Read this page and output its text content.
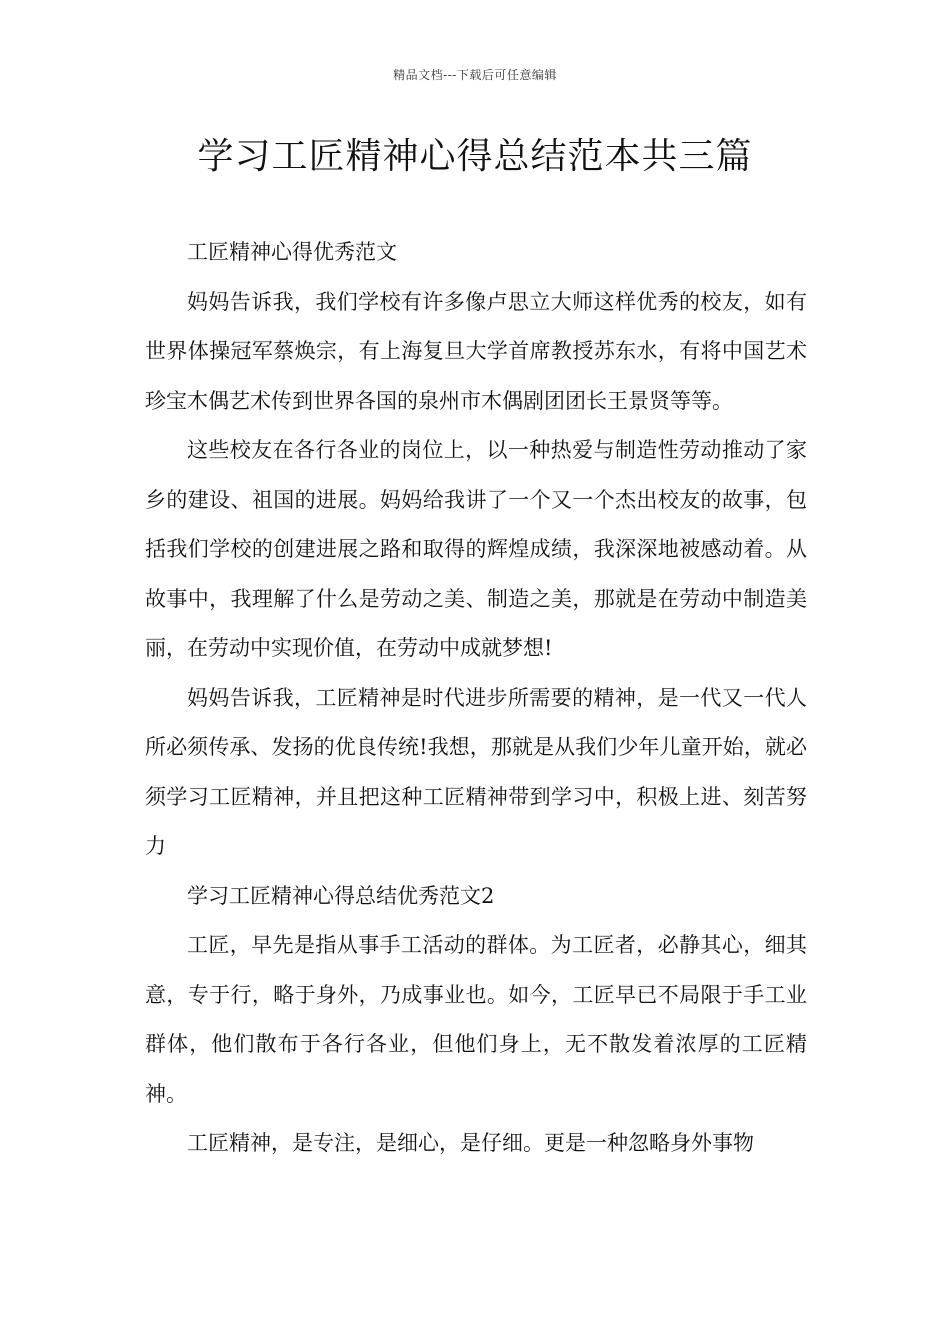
精品文档---下载后可任意编辑
学习工匠精神心得总结范本共三篇

工匠精神心得优秀范文

妈妈告诉我，我们学校有许多像卢思立大师这样优秀的校友，如有世界体操冠军蔡焕宗，有上海复旦大学首席教授苏东水，有将中国艺术珍宝木偶艺术传到世界各国的泉州市木偶剧团团长王景贤等等。

这些校友在各行各业的岗位上，以一种热爱与制造性劳动推动了家乡的建设、祖国的进展。妈妈给我讲了一个又一个杰出校友的故事，包括我们学校的创建进展之路和取得的辉煌成绩，我深深地被感动着。从故事中，我理解了什么是劳动之美、制造之美，那就是在劳动中制造美丽，在劳动中实现价值，在劳动中成就梦想!

妈妈告诉我，工匠精神是时代进步所需要的精神，是一代又一代人所必须传承、发扬的优良传统!我想，那就是从我们少年儿童开始，就必须学习工匠精神，并且把这种工匠精神带到学习中，积极上进、刻苦努力

学习工匠精神心得总结优秀范文2

工匠，早先是指从事手工活动的群体。为工匠者，必静其心，细其意，专于行，略于身外，乃成事业也。如今，工匠早已不局限于手工业群体，他们散布于各行各业，但他们身上，无不散发着浓厚的工匠精神。

工匠精神，是专注，是细心，是仔细。更是一种忽略身外事物
